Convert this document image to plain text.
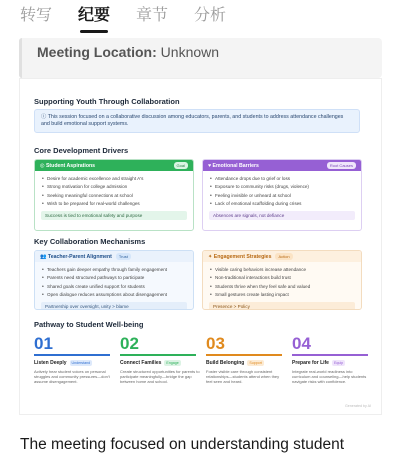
转写 纪要 章节 分析
Meeting Location: Unknown
Supporting Youth Through Collaboration
ⓘ This session focused on a collaborative discussion among educators, parents, and students to address attendance challenges and build emotional support systems.
Core Development Drivers
◎ Student Aspirations	Goal
• Desire for academic excellence and straight A's
• Strong motivation for college admission
• Seeking meaningful connections at school
• Wish to be prepared for real-world challenges
Success is tied to emotional safety and purpose
♥ Emotional Barriers	Root Causes
• Attendance drops due to grief or loss
• Exposure to community risks (drugs, violence)
• Feeling invisible or unheard at school
• Lack of emotional scaffolding during crises
Absences are signals, not defiance
Key Collaboration Mechanisms
👥 Teacher-Parent Alignment	Trust
• Teachers gain deeper empathy through family engagement
• Parents need structured pathways to participate
• Shared goals create unified support for students
• Open dialogue reduces assumptions about disengagement
Partnership over oversight, unity > blame
✦ Engagement Strategies	Action
• Visible caring behaviors increase attendance
• Non-traditional interactions build trust
• Students thrive when they feel safe and valued
• Small gestures create lasting impact
Presence > Policy
Pathway to Student Well-being
01
Listen Deeply	Understand
Actively hear student voices on personal struggles and community pressures—don't assume disengagement.
02
Connect Families	Engage
Create structured opportunities for parents to participate meaningfully—bridge the gap between home and school.
03
Build Belonging	Support
Foster visible care through consistent relationships—students attend when they feel seen and heard.
04
Prepare for Life	Equip
Integrate real-world readiness into curriculum and counseling—help students navigate risks with confidence.
Generated by AI
The meeting focused on understanding student
